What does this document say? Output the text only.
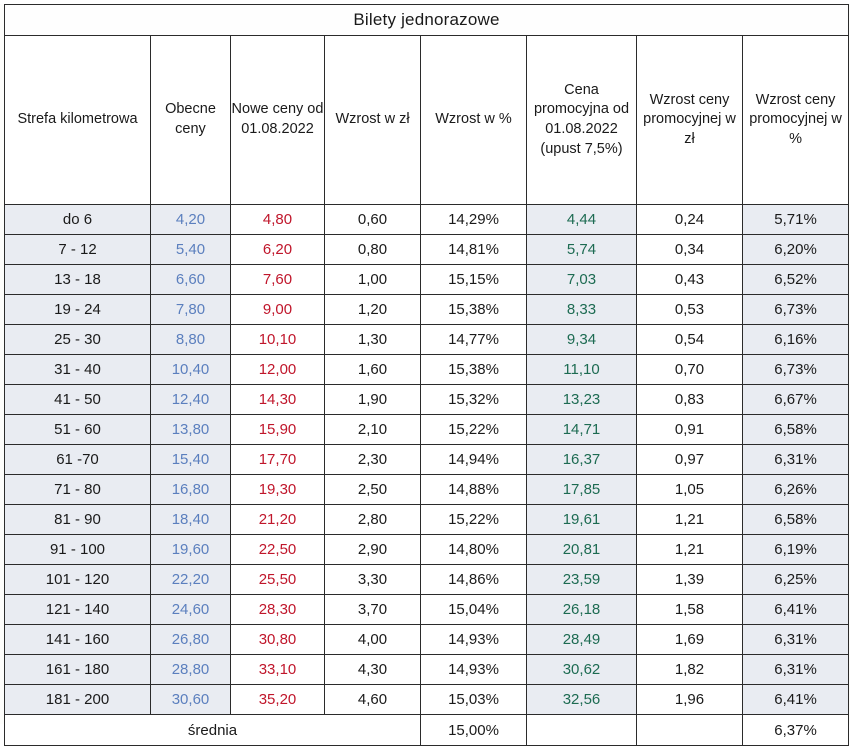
Bilety jednorazowe							
Strefa kilometrowa	Obecne ceny	Nowe ceny od 01.08.2022	Wzrost w zł	Wzrost w %	Cena promocyjna od 01.08.2022 (upust 7,5%)	Wzrost ceny promocyjnej w zł	Wzrost ceny promocyjnej w %
do 6	4,20	4,80	0,60	14,29%	4,44	0,24	5,71%
7 - 12	5,40	6,20	0,80	14,81%	5,74	0,34	6,20%
13 - 18	6,60	7,60	1,00	15,15%	7,03	0,43	6,52%
19 - 24	7,80	9,00	1,20	15,38%	8,33	0,53	6,73%
25 - 30	8,80	10,10	1,30	14,77%	9,34	0,54	6,16%
31 - 40	10,40	12,00	1,60	15,38%	11,10	0,70	6,73%
41 - 50	12,40	14,30	1,90	15,32%	13,23	0,83	6,67%
51 - 60	13,80	15,90	2,10	15,22%	14,71	0,91	6,58%
61 -70	15,40	17,70	2,30	14,94%	16,37	0,97	6,31%
71 - 80	16,80	19,30	2,50	14,88%	17,85	1,05	6,26%
81 - 90	18,40	21,20	2,80	15,22%	19,61	1,21	6,58%
91 - 100	19,60	22,50	2,90	14,80%	20,81	1,21	6,19%
101 - 120	22,20	25,50	3,30	14,86%	23,59	1,39	6,25%
121 - 140	24,60	28,30	3,70	15,04%	26,18	1,58	6,41%
141 - 160	26,80	30,80	4,00	14,93%	28,49	1,69	6,31%
161 - 180	28,80	33,10	4,30	14,93%	30,62	1,82	6,31%
181 - 200	30,60	35,20	4,60	15,03%	32,56	1,96	6,41%
średnia				15,00%			6,37%
